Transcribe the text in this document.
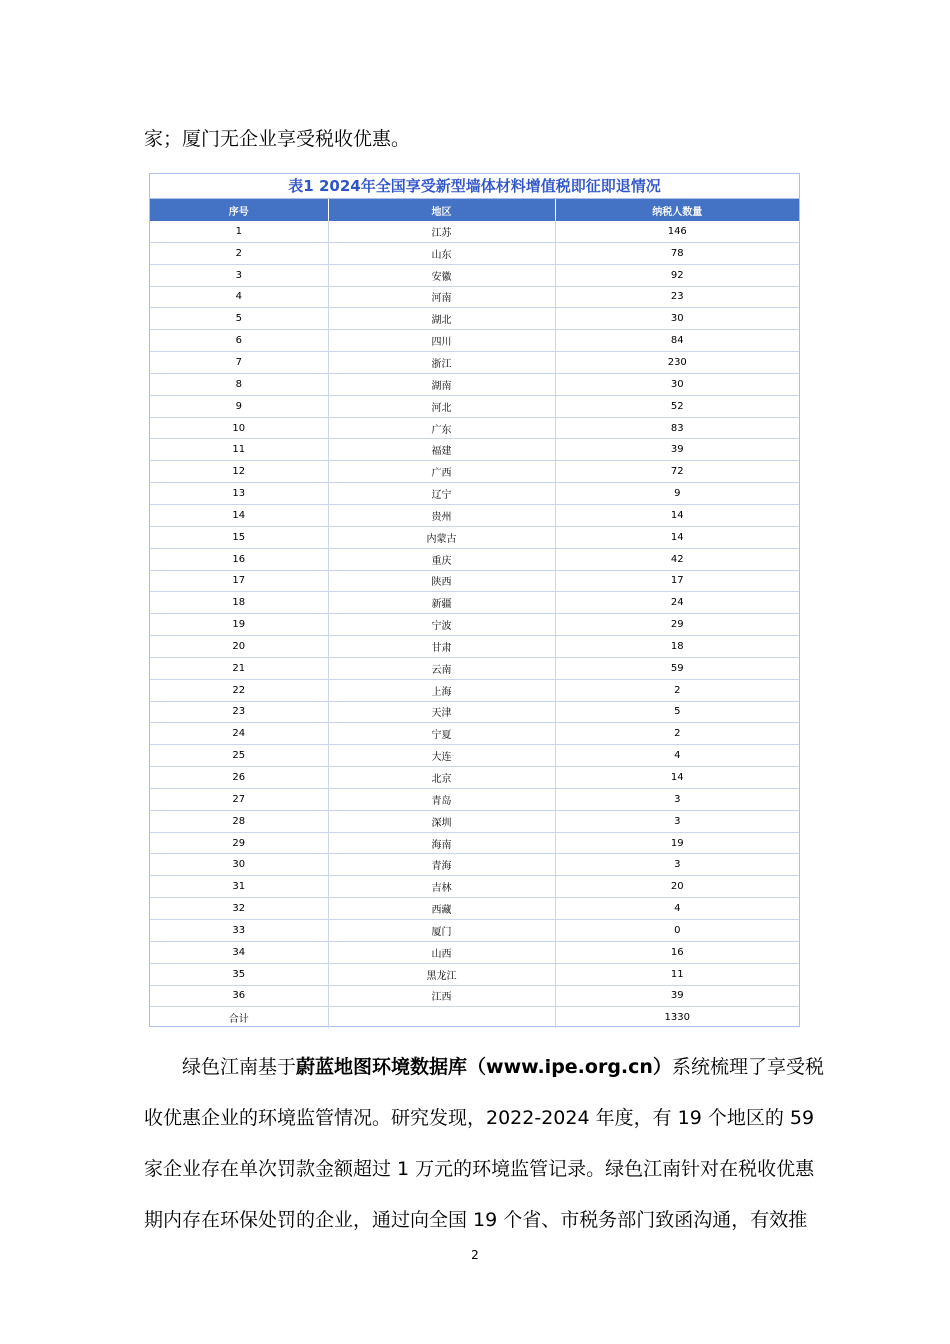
家；厦门无企业享受税收优惠。
表1 2024年全国享受新型墙体材料增值税即征即退情况
序号	地区	纳税人数量
1	江苏	146
2	山东	78
3	安徽	92
4	河南	23
5	湖北	30
6	四川	84
7	浙江	230
8	湖南	30
9	河北	52
10	广东	83
11	福建	39
12	广西	72
13	辽宁	9
14	贵州	14
15	内蒙古	14
16	重庆	42
17	陕西	17
18	新疆	24
19	宁波	29
20	甘肃	18
21	云南	59
22	上海	2
23	天津	5
24	宁夏	2
25	大连	4
26	北京	14
27	青岛	3
28	深圳	3
29	海南	19
30	青海	3
31	吉林	20
32	西藏	4
33	厦门	0
34	山西	16
35	黑龙江	11
36	江西	39
合计		1330
绿色江南基于蔚蓝地图环境数据库（www.ipe.org.cn）系统梳理了享受税
收优惠企业的环境监管情况。研究发现，2022-2024 年度，有 19 个地区的 59
家企业存在单次罚款金额超过 1 万元的环境监管记录。绿色江南针对在税收优惠
期内存在环保处罚的企业，通过向全国 19 个省、市税务部门致函沟通，有效推
2
